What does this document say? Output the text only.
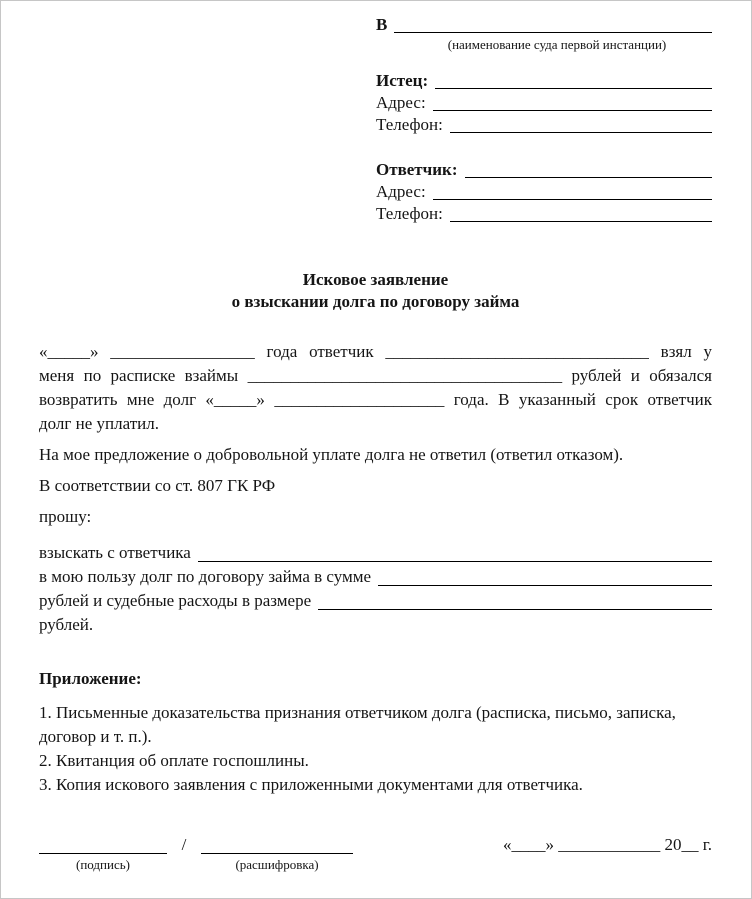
В
(наименование суда первой инстанции)
Истец:
Адрес:
Телефон:
Ответчик:
Адрес:
Телефон:
Исковое заявление
о взыскании долга по договору займа
«_____» _________________ года ответчик _______________________________ взял у
меня по расписке взаймы _____________________________________ рублей и обязался
возвратить мне долг «_____» ____________________ года. В указанный срок ответчик
долг не уплатил.
На мое предложение о добровольной уплате долга не ответил (ответил отказом).
В соответствии со ст. 807 ГК РФ
прошу:
взыскать с ответчика
в мою пользу долг по договору займа в сумме
рублей и судебные расходы в размере
рублей.
Приложение:
1. Письменные доказательства признания ответчиком долга (расписка, письмо, записка, договор и т. п.).
2. Квитанция об оплате госпошлины.
3. Копия искового заявления с приложенными документами для ответчика.
(подпись)
/
(расшифровка)
«____» ____________ 20__ г.
